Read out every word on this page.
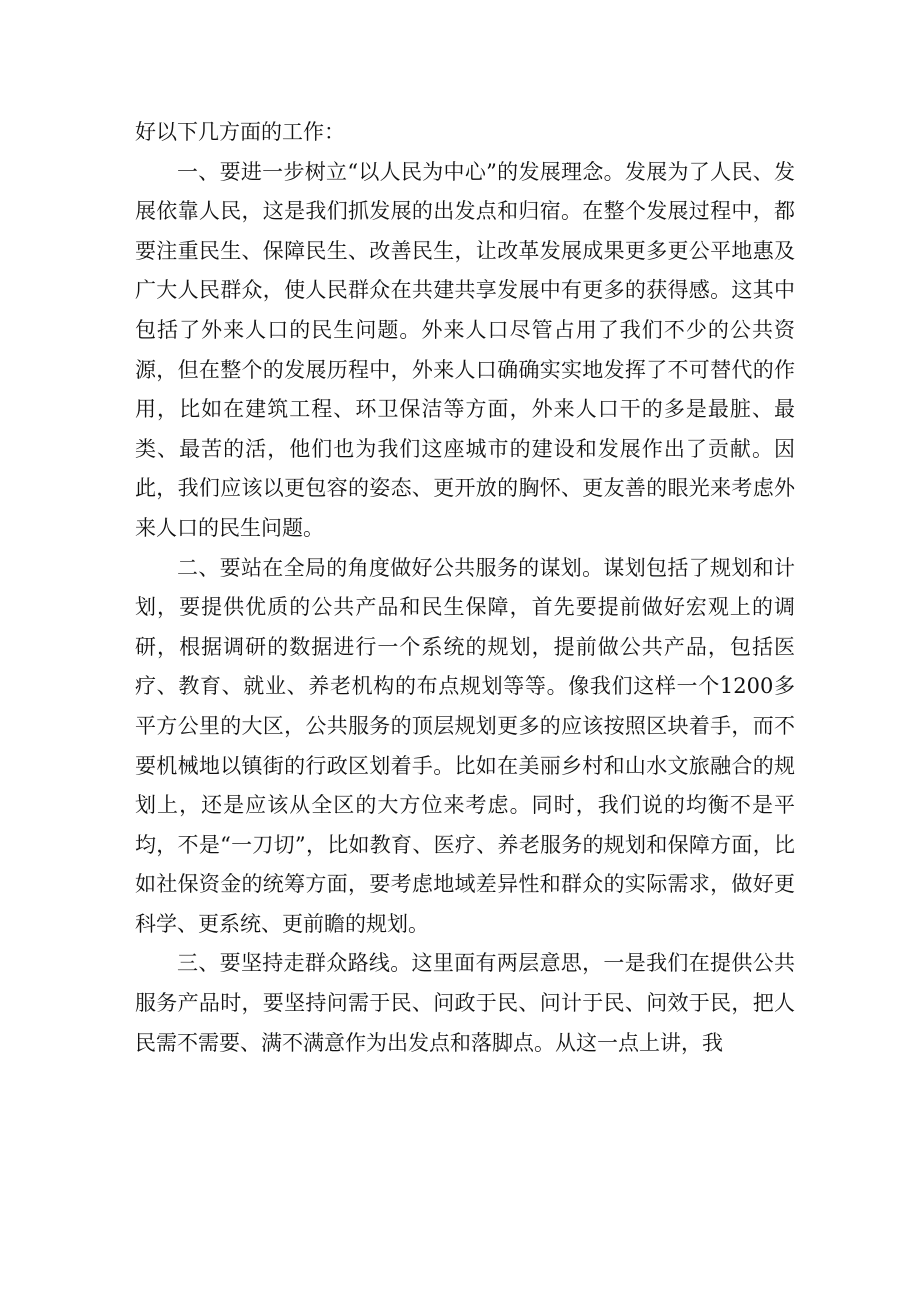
好以下几方面的工作：

一、要进一步树立“以人民为中心”的发展理念。发展为了人民、发展依靠人民，这是我们抓发展的出发点和归宿。在整个发展过程中，都要注重民生、保障民生、改善民生，让改革发展成果更多更公平地惠及广大人民群众，使人民群众在共建共享发展中有更多的获得感。这其中包括了外来人口的民生问题。外来人口尽管占用了我们不少的公共资源，但在整个的发展历程中，外来人口确确实实地发挥了不可替代的作用，比如在建筑工程、环卫保洁等方面，外来人口干的多是最脏、最类、最苦的活，他们也为我们这座城市的建设和发展作出了贡献。因此，我们应该以更包容的姿态、更开放的胸怀、更友善的眼光来考虑外来人口的民生问题。

二、要站在全局的角度做好公共服务的谋划。谋划包括了规划和计划，要提供优质的公共产品和民生保障，首先要提前做好宏观上的调研，根据调研的数据进行一个系统的规划，提前做公共产品，包括医疗、教育、就业、养老机构的布点规划等等。像我们这样一个1200多平方公里的大区，公共服务的顶层规划更多的应该按照区块着手，而不要机械地以镇街的行政区划着手。比如在美丽乡村和山水文旅融合的规划上，还是应该从全区的大方位来考虑。同时，我们说的均衡不是平均，不是“一刀切”，比如教育、医疗、养老服务的规划和保障方面，比如社保资金的统筹方面，要考虑地域差异性和群众的实际需求，做好更科学、更系统、更前瞻的规划。

三、要坚持走群众路线。这里面有两层意思，一是我们在提供公共服务产品时，要坚持问需于民、问政于民、问计于民、问效于民，把人民需不需要、满不满意作为出发点和落脚点。从这一点上讲，我
